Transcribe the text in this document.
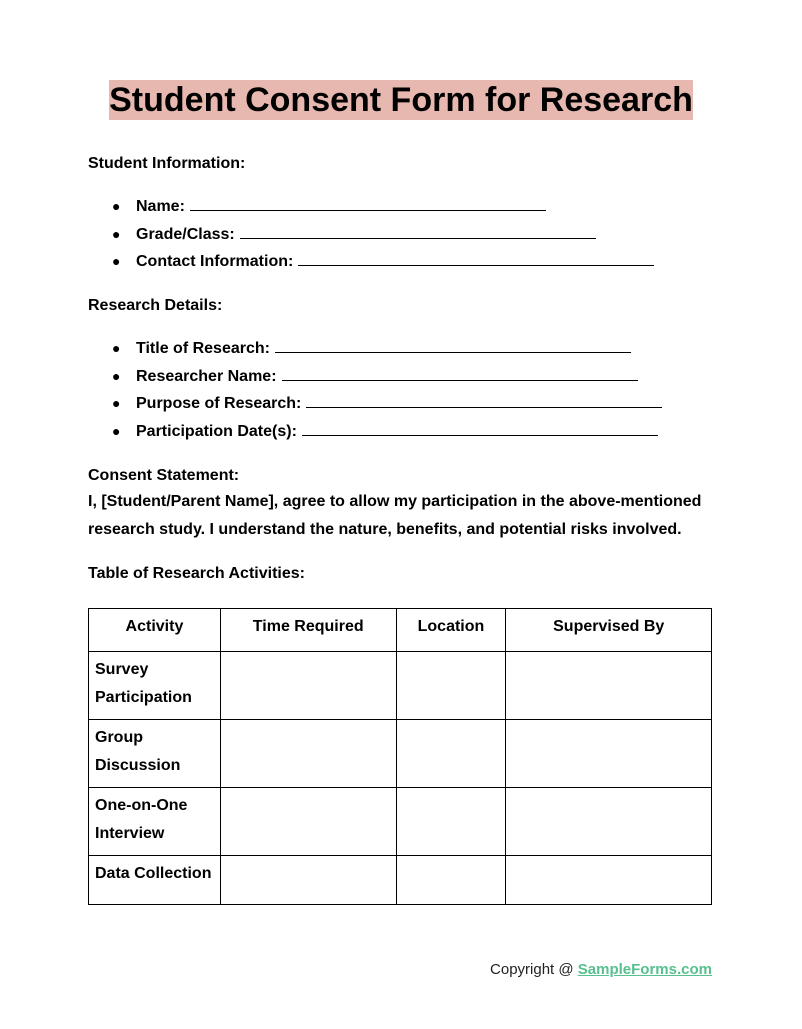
Student Consent Form for Research
Student Information:
● Name:
● Grade/Class:
● Contact Information:
Research Details:
● Title of Research:
● Researcher Name:
● Purpose of Research:
● Participation Date(s):
Consent Statement:
I, [Student/Parent Name], agree to allow my participation in the above-mentioned research study. I understand the nature, benefits, and potential risks involved.
Table of Research Activities:
Activity	Time Required	Location	Supervised By
Survey Participation			
Group Discussion			
One-on-One Interview			
Data Collection			
Copyright @ SampleForms.com
